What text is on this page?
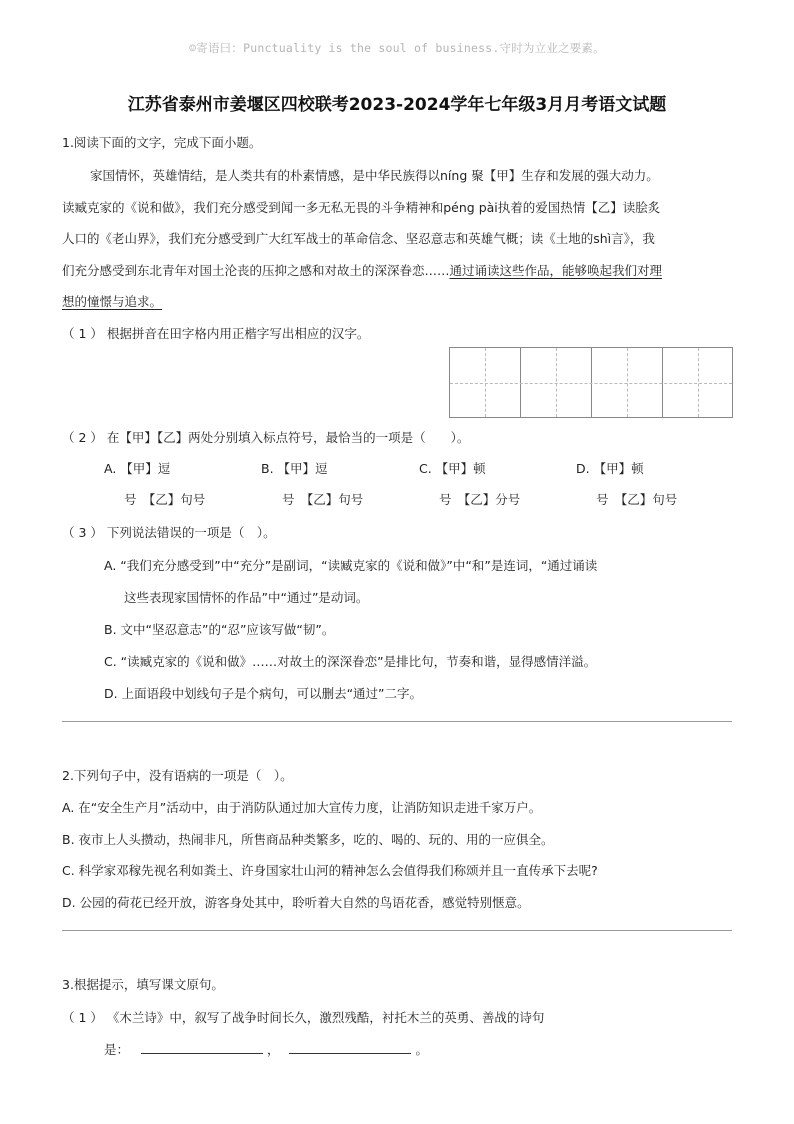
☺寄语曰：Punctuality is the soul of business.守时为立业之要素。
江苏省泰州市姜堰区四校联考2023-2024学年七年级3月月考语文试题
1.阅读下面的文字，完成下面小题。
家国情怀，英雄情结，是人类共有的朴素情感，是中华民族得以níng 聚【甲】生存和发展的强大动力。
读臧克家的《说和做》，我们充分感受到闻一多无私无畏的斗争精神和péng pài执着的爱国热情【乙】读脍炙
人口的《老山界》，我们充分感受到广大红军战士的革命信念、坚忍意志和英雄气概；读《土地的shì言》，我
们充分感受到东北青年对国土沦丧的压抑之感和对故土的深深眷恋……通过诵读这些作品，能够唤起我们对理
想的憧憬与追求。
（ 1 ） 根据拼音在田字格内用正楷字写出相应的汉字。
（ 2 ） 在【甲】【乙】两处分别填入标点符号，最恰当的一项是（　　）。
A. 【甲】逗
号　【乙】句号
B. 【甲】逗
号　【乙】句号
C. 【甲】顿
号　【乙】分号
D. 【甲】顿
号　【乙】句号
（ 3 ） 下列说法错误的一项是（　）。
A. “我们充分感受到”中“充分”是副词，“读臧克家的《说和做》”中“和”是连词，“通过诵读
这些表现家国情怀的作品”中“通过”是动词。
B. 文中“坚忍意志”的“忍”应该写做“韧”。
C. “读臧克家的《说和做》……对故土的深深眷恋”是排比句，节奏和谐，显得感情洋溢。
D. 上面语段中划线句子是个病句，可以删去“通过”二字。
2.下列句子中，没有语病的一项是（　）。
A. 在“安全生产月”活动中，由于消防队通过加大宣传力度，让消防知识走进千家万户。
B. 夜市上人头攒动，热闹非凡，所售商品种类繁多，吃的、喝的、玩的、用的一应俱全。
C. 科学家邓稼先视名利如粪土、许身国家壮山河的精神怎么会值得我们称颂并且一直传承下去呢?
D. 公园的荷花已经开放，游客身处其中，聆听着大自然的鸟语花香，感觉特别惬意。
3.根据提示，填写课文原句。
（ 1 ） 《木兰诗》中，叙写了战争时间长久，激烈残酷，衬托木兰的英勇、善战的诗句
是：	，	。
